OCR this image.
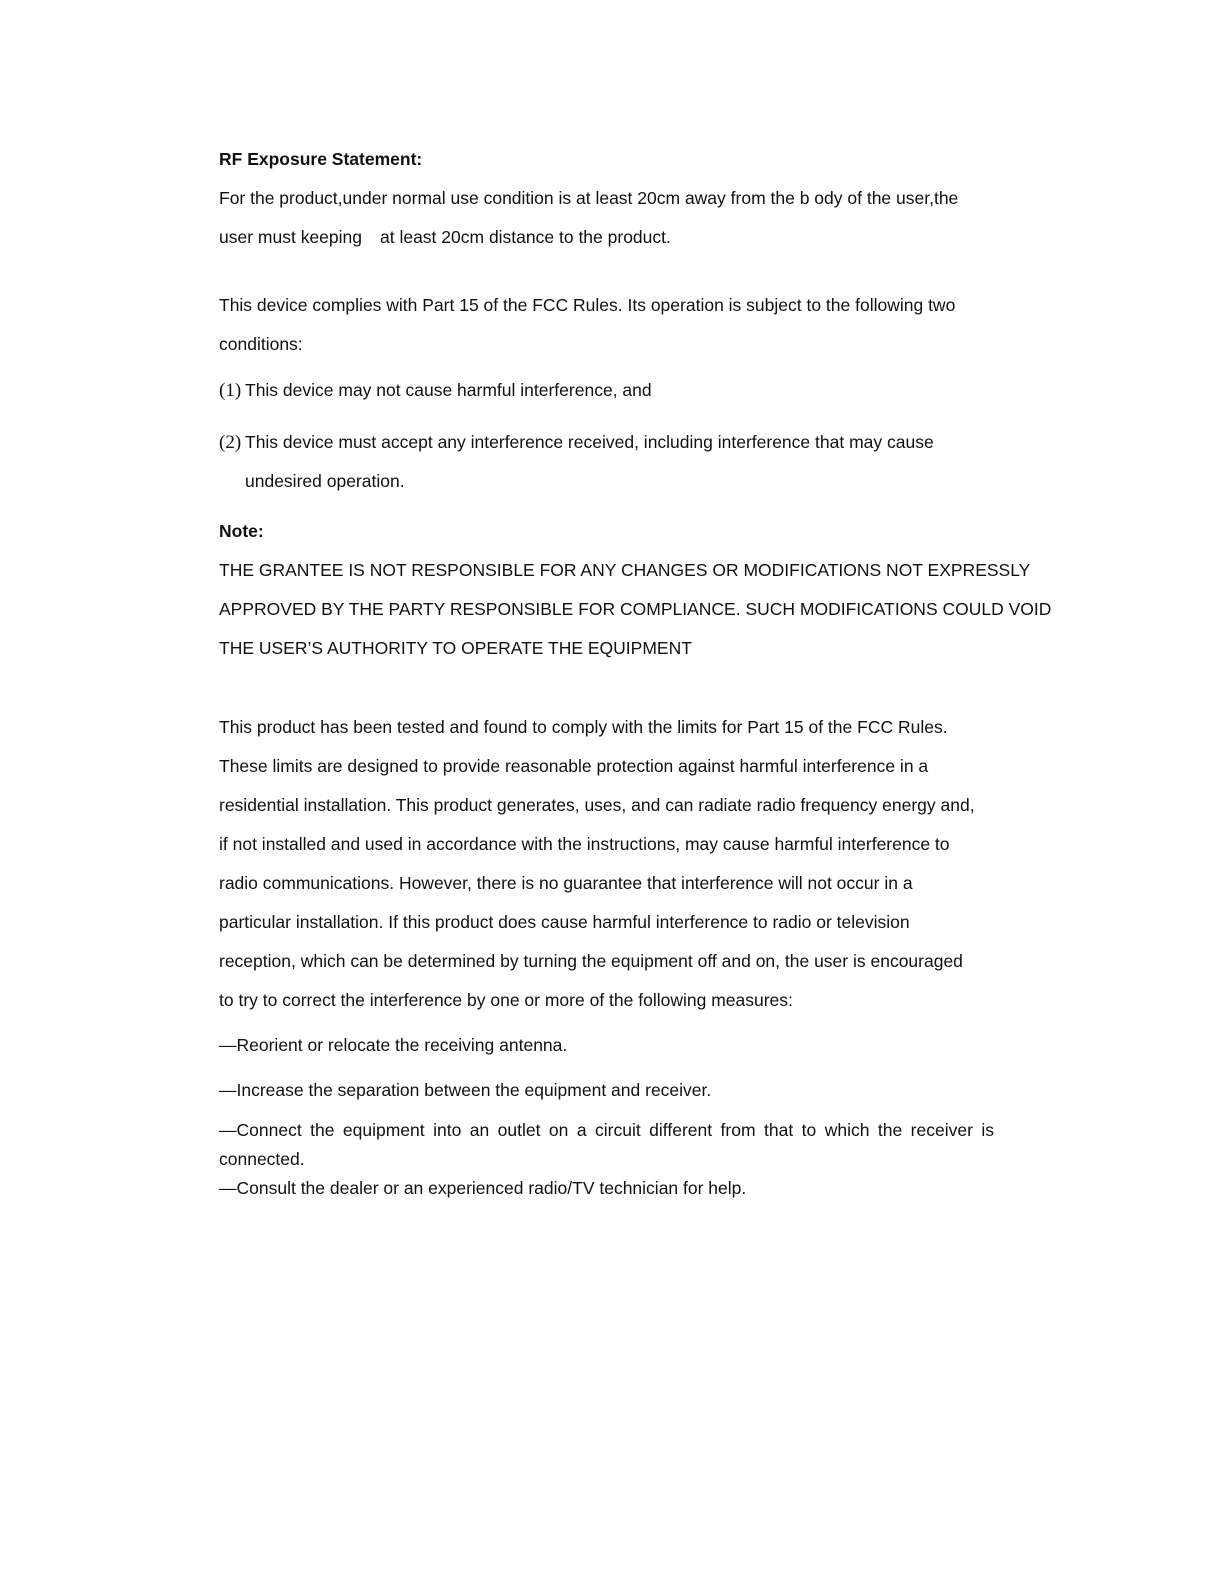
RF Exposure Statement:
For the product,under normal use condition is at least 20cm away from the b ody of the user,the
user must keeping at least 20cm distance to the product.
This device complies with Part 15 of the FCC Rules. Its operation is subject to the following two
conditions:
(1) This device may not cause harmful interference, and
(2) This device must accept any interference received, including interference that may cause
undesired operation.
Note:
THE GRANTEE IS NOT RESPONSIBLE FOR ANY CHANGES OR MODIFICATIONS NOT EXPRESSLY
APPROVED BY THE PARTY RESPONSIBLE FOR COMPLIANCE. SUCH MODIFICATIONS COULD VOID
THE USER’S AUTHORITY TO OPERATE THE EQUIPMENT
This product has been tested and found to comply with the limits for Part 15 of the FCC Rules.
These limits are designed to provide reasonable protection against harmful interference in a
residential installation. This product generates, uses, and can radiate radio frequency energy and,
if not installed and used in accordance with the instructions, may cause harmful interference to
radio communications. However, there is no guarantee that interference will not occur in a
particular installation. If this product does cause harmful interference to radio or television
reception, which can be determined by turning the equipment off and on, the user is encouraged
to try to correct the interference by one or more of the following measures:
—Reorient or relocate the receiving antenna.
—Increase the separation between the equipment and receiver.
—Connect the equipment into an outlet on a circuit different from that to which the receiver is connected.
—Consult the dealer or an experienced radio/TV technician for help.
